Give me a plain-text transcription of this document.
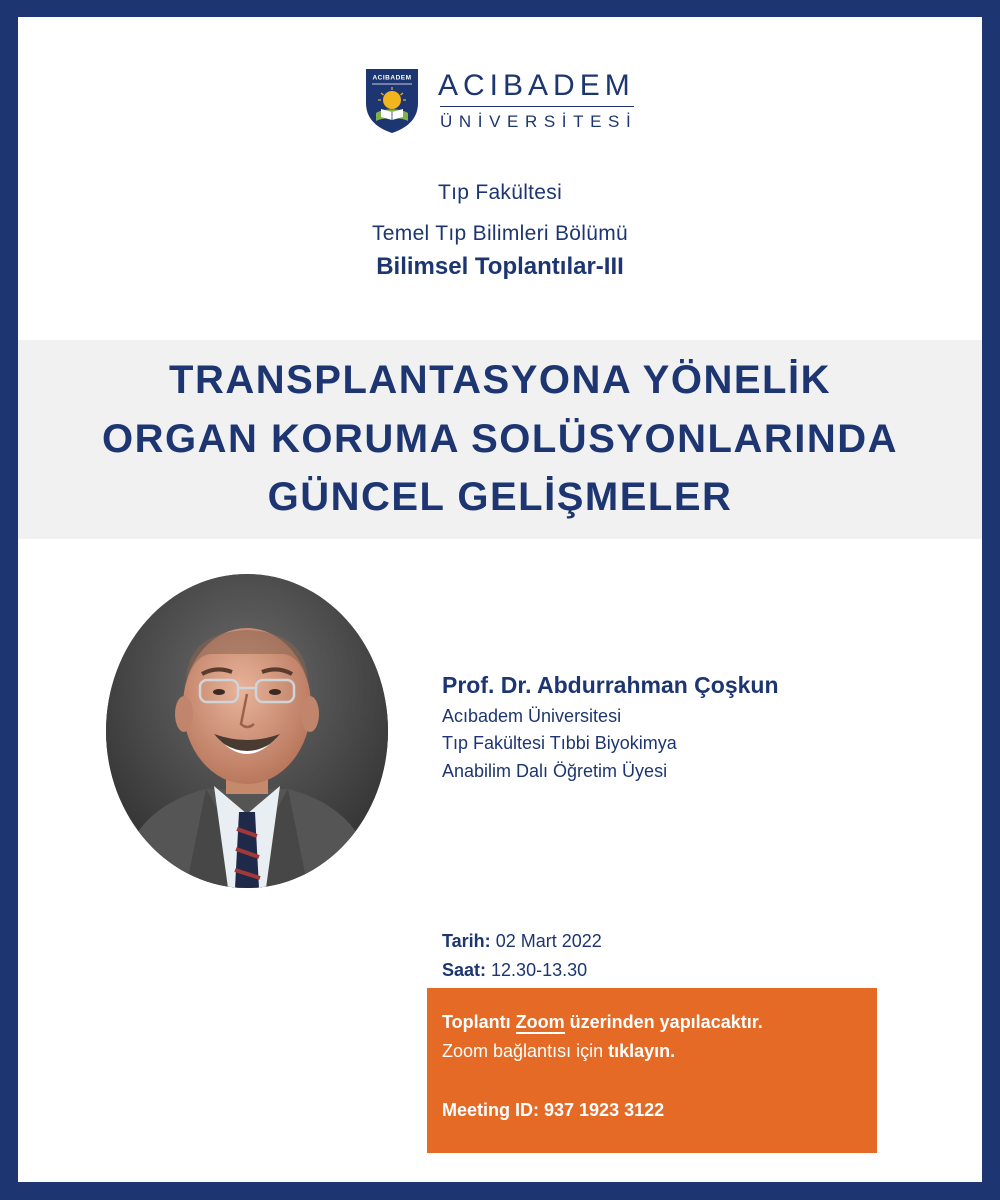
ACIBADEM ACIBADEM
ÜNİVERSİTESİ
Tıp Fakültesi
Temel Tıp Bilimleri Bölümü
Bilimsel Toplantılar-III
TRANSPLANTASYONA YÖNELİK
ORGAN KORUMA SOLÜSYONLARINDA
GÜNCEL GELİŞMELER
Prof. Dr. Abdurrahman Çoşkun
Acıbadem Üniversitesi
Tıp Fakültesi Tıbbi Biyokimya
Anabilim Dalı Öğretim Üyesi
Tarih: 02 Mart 2022
Saat: 12.30-13.30
Toplantı Zoom üzerinden yapılacaktır.
Zoom bağlantısı için tıklayın.
Meeting ID: 937 1923 3122
